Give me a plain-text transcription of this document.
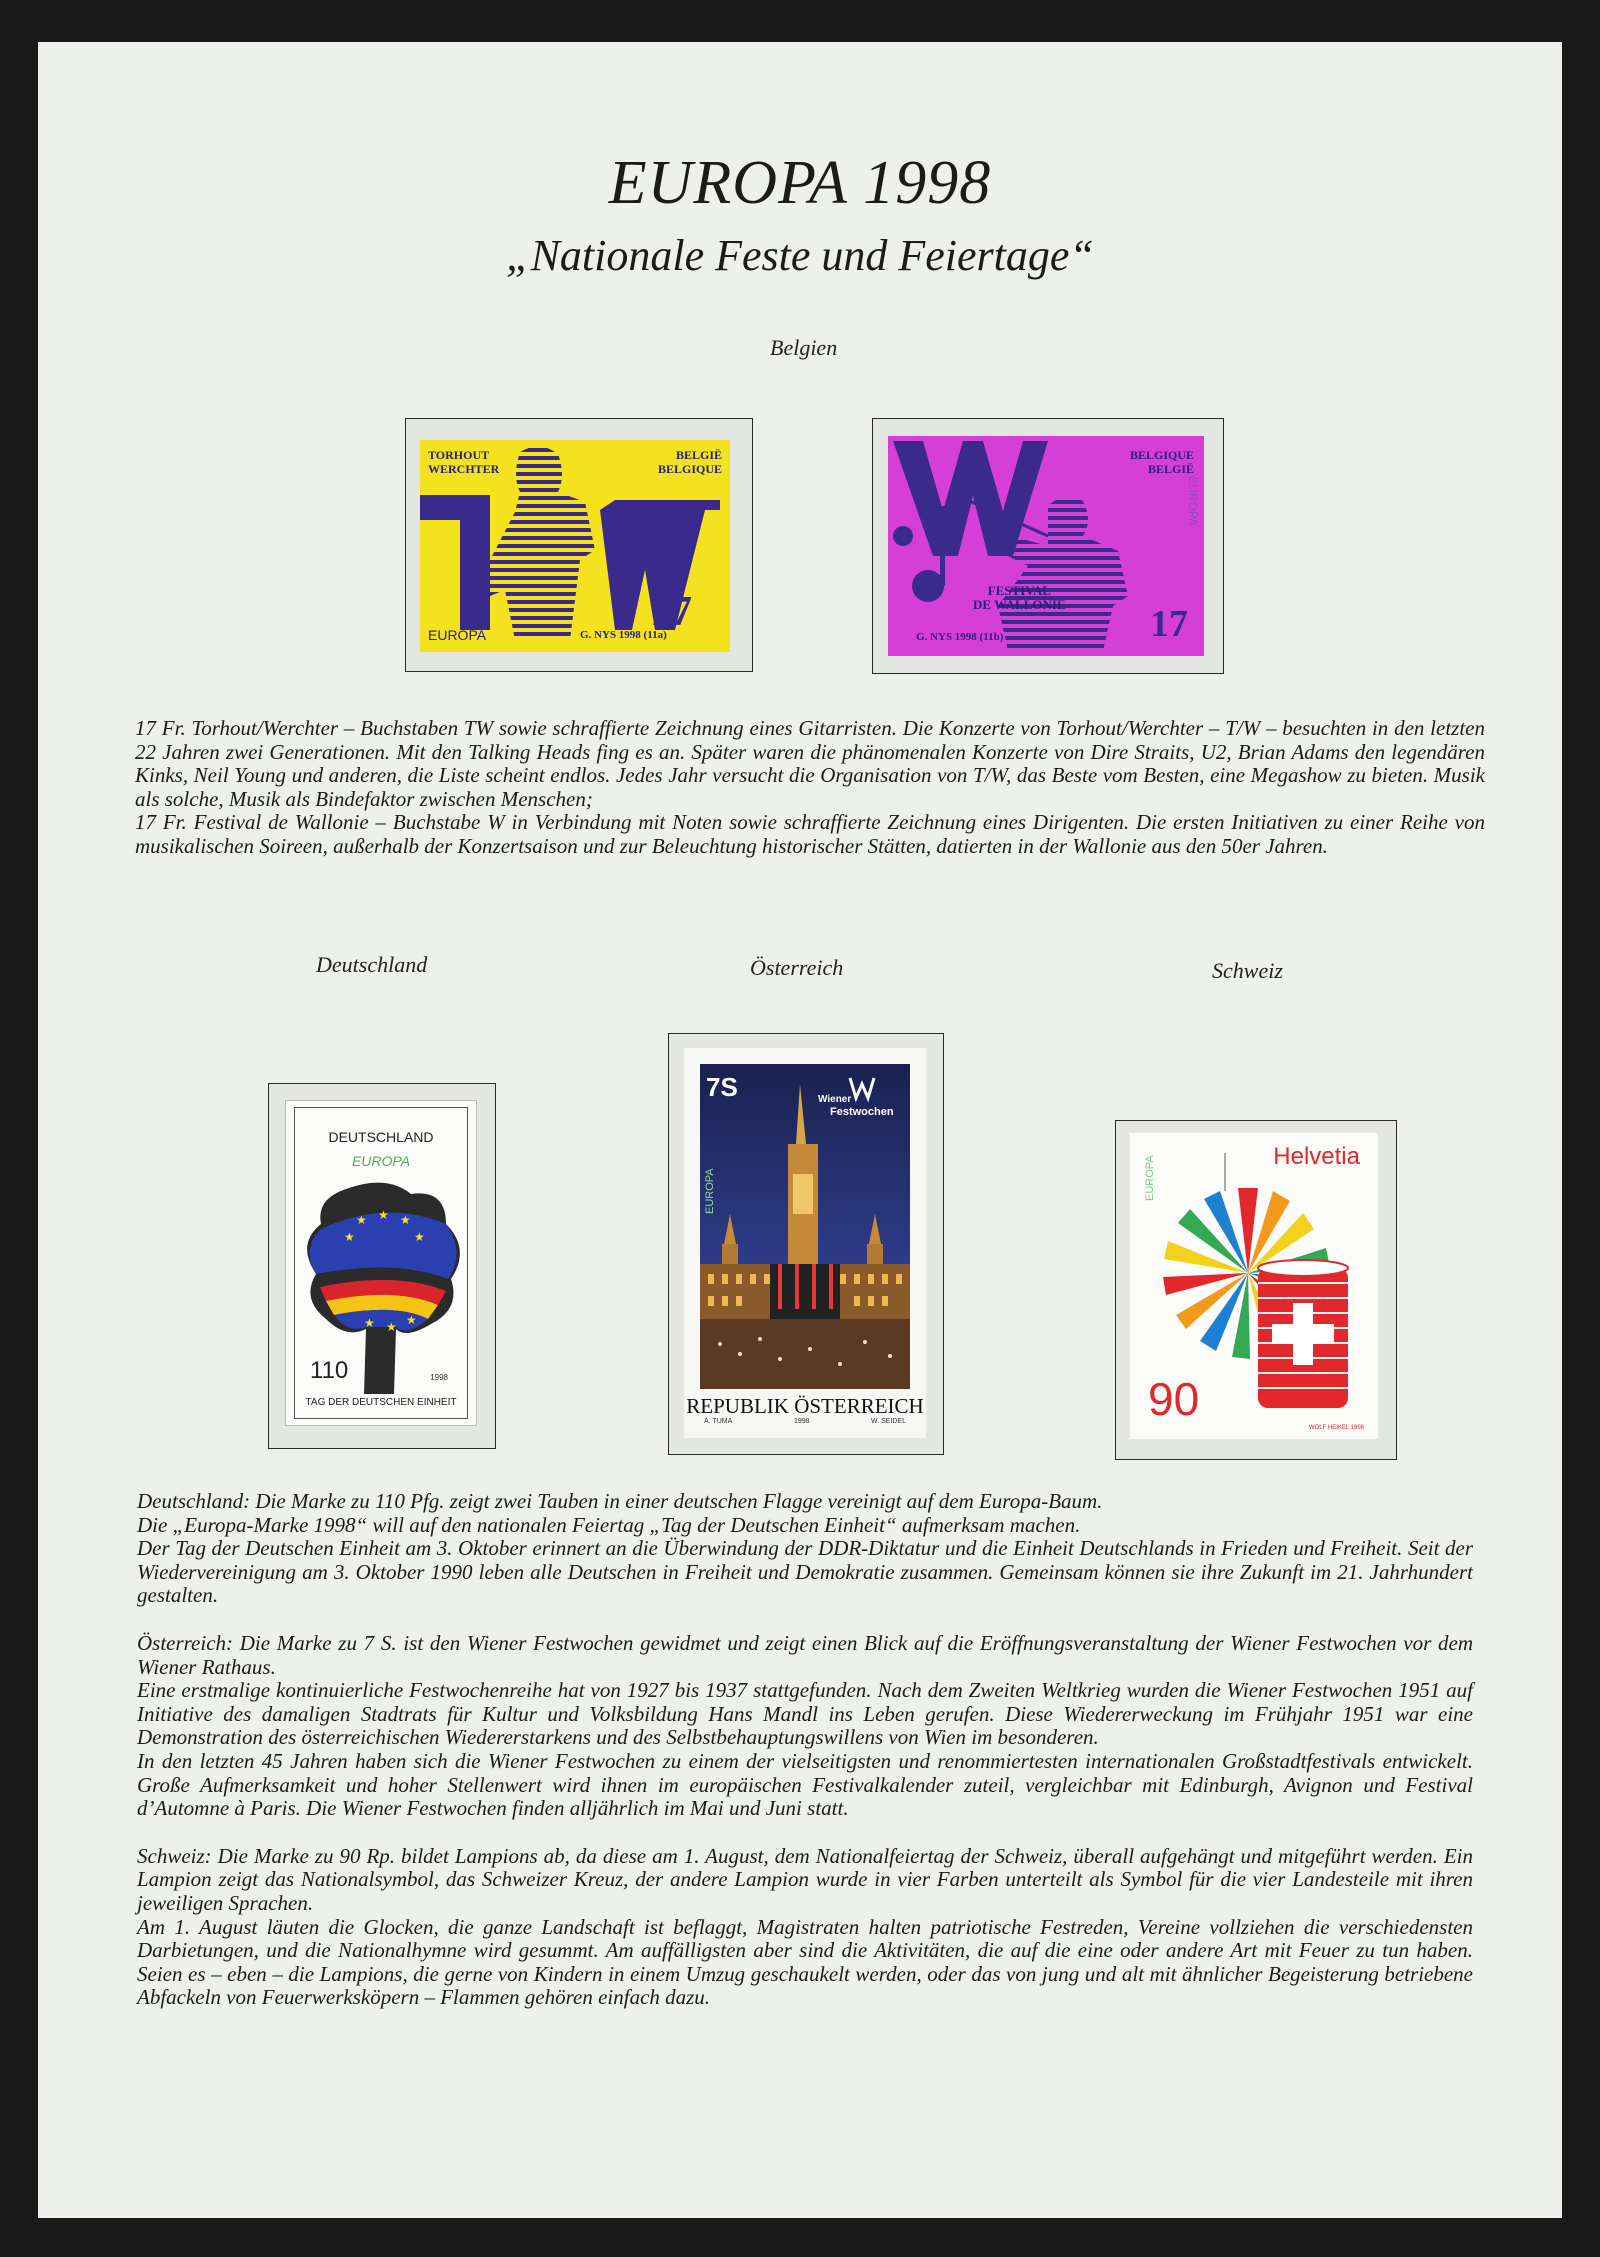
EUROPA 1998
„Nationale Feste und Feiertage“
Belgien
17
TORHOUT
WERCHTER
BELGIË
BELGIQUE
EUROPA	G. NYS 1998 (11a)	17
BELGIQUE
BELGIË
FESTIVAL
DE WALLONIE
EUROPA
G. NYS 1998 (11b)

17 Fr. Torhout/Werchter – Buchstaben TW sowie schraffierte Zeichnung eines Gitarristen. Die Konzerte von Torhout/Werchter – T/W – besuchten in den letzten 22 Jahren zwei Generationen. Mit den Talking Heads fing es an. Später waren die phänomenalen Konzerte von Dire Straits, U2, Brian Adams den legendären Kinks, Neil Young und anderen, die Liste scheint endlos. Jedes Jahr versucht die Organisation von T/W, das Beste vom Besten, eine Megashow zu bieten. Musik als solche, Musik als Bindefaktor zwischen Menschen;

17 Fr. Festival de Wallonie – Buchstabe W in Verbindung mit Noten sowie schraffierte Zeichnung eines Dirigenten. Die ersten Initiativen zu einer Reihe von musikalischen Soireen, außerhalb der Konzertsaison und zur Beleuchtung historischer Stätten, datierten in der Wallonie aus den 50er Jahren.

Deutschland	Österreich	Schweiz
DEUTSCHLAND
EUROPA
★ ★ ★
★	★
★ ★ ★
110	1998
TAG DER DEUTSCHEN EINHEIT
7S	Wiener
Festwochen
EUROPA
REPUBLIK ÖSTERREICH
A. TUMA	1998	W. SEIDEL
Helvetia
EUROPA
90
WOLF HEIKEL 1998

Deutschland: Die Marke zu 110 Pfg. zeigt zwei Tauben in einer deutschen Flagge vereinigt auf dem Europa-Baum.

Die „Europa-Marke 1998“ will auf den nationalen Feiertag „Tag der Deutschen Einheit“ aufmerksam machen.

Der Tag der Deutschen Einheit am 3. Oktober erinnert an die Überwindung der DDR-Diktatur und die Einheit Deutschlands in Frieden und Freiheit. Seit der Wiedervereinigung am 3. Oktober 1990 leben alle Deutschen in Freiheit und Demokratie zusammen. Gemeinsam können sie ihre Zukunft im 21. Jahrhundert gestalten.

Österreich: Die Marke zu 7 S. ist den Wiener Festwochen gewidmet und zeigt einen Blick auf die Eröffnungsveranstaltung der Wiener Festwochen vor dem Wiener Rathaus.

Eine erstmalige kontinuierliche Festwochenreihe hat von 1927 bis 1937 stattgefunden. Nach dem Zweiten Weltkrieg wurden die Wiener Festwochen 1951 auf Initiative des damaligen Stadtrats für Kultur und Volksbildung Hans Mandl ins Leben gerufen. Diese Wiedererweckung im Frühjahr 1951 war eine Demonstration des österreichischen Wiedererstarkens und des Selbstbehauptungswillens von Wien im besonderen.

In den letzten 45 Jahren haben sich die Wiener Festwochen zu einem der vielseitigsten und renommiertesten internationalen Großstadtfestivals entwickelt. Große Aufmerksamkeit und hoher Stellenwert wird ihnen im europäischen Festivalkalender zuteil, vergleichbar mit Edinburgh, Avignon und Festival d’Automne à Paris. Die Wiener Festwochen finden alljährlich im Mai und Juni statt.

Schweiz: Die Marke zu 90 Rp. bildet Lampions ab, da diese am 1. August, dem Nationalfeiertag der Schweiz, überall aufgehängt und mitgeführt werden. Ein Lampion zeigt das Nationalsymbol, das Schweizer Kreuz, der andere Lampion wurde in vier Farben unterteilt als Symbol für die vier Landesteile mit ihren jeweiligen Sprachen.

Am 1. August läuten die Glocken, die ganze Landschaft ist beflaggt, Magistraten halten patriotische Festreden, Vereine vollziehen die verschiedensten Darbietungen, und die Nationalhymne wird gesummt. Am auffälligsten aber sind die Aktivitäten, die auf die eine oder andere Art mit Feuer zu tun haben. Seien es – eben – die Lampions, die gerne von Kindern in einem Umzug geschaukelt werden, oder das von jung und alt mit ähnlicher Begeisterung betriebene Abfackeln von Feuerwerksköpern – Flammen gehören einfach dazu.
